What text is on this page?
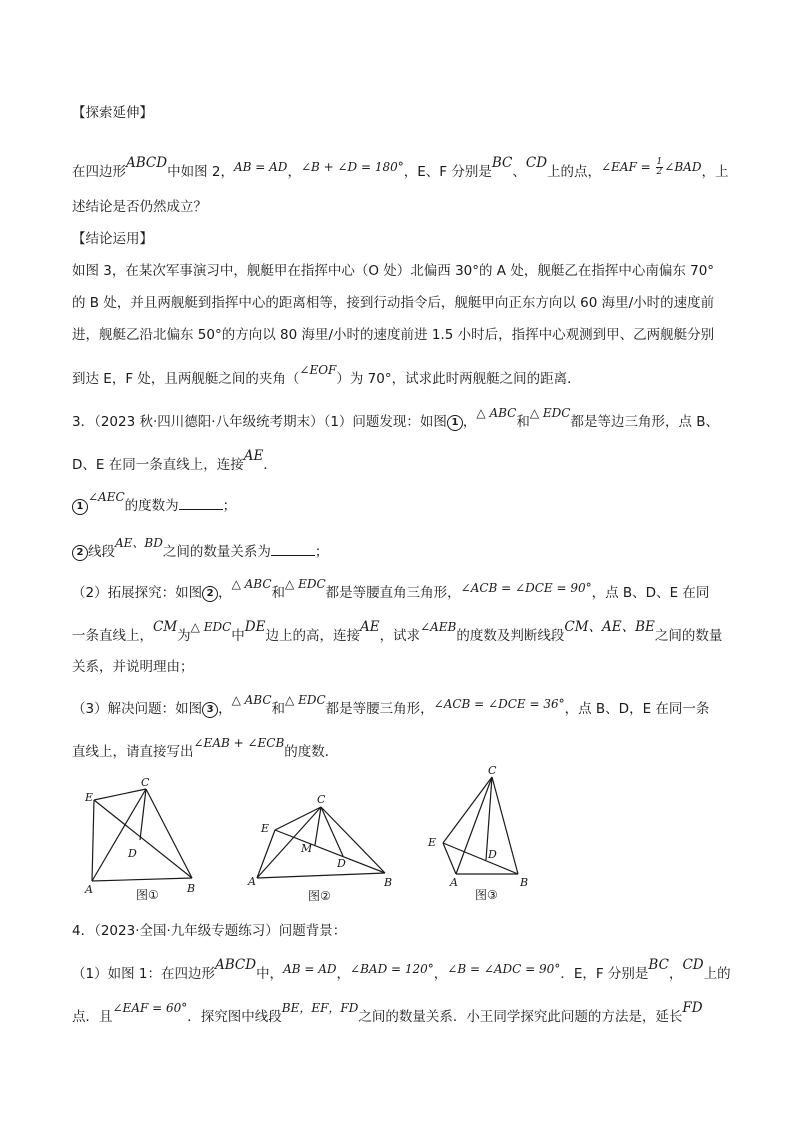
【探索延伸】
在四边形ABCD中如图 2，AB = AD，∠B + ∠D = 180°，E、F 分别是BC、CD上的点，∠EAF = $\frac{1}{2}$ ∠BAD，上
述结论是否仍然成立？
【结论运用】
如图 3，在某次军事演习中，舰艇甲在指挥中心（O 处）北偏西 30°的 A 处，舰艇乙在指挥中心南偏东 70°
的 B 处，并且两舰艇到指挥中心的距离相等，接到行动指令后，舰艇甲向正东方向以 60 海里/小时的速度前
进，舰艇乙沿北偏东 50°的方向以 80 海里/小时的速度前进 1.5 小时后，指挥中心观测到甲、乙两舰艇分别
到达 E，F 处，且两舰艇之间的夹角（∠EOF）为 70°，试求此时两舰艇之间的距离．
3．（2023 秋·四川德阳·八年级统考期末）（1）问题发现：如图 1 ，△ ABC和△ EDC都是等边三角形，点 B、
D、E 在同一条直线上，连接AE．
1∠AEC的度数为	；
2 线段AE、BD之间的数量关系为	；
（2）拓展探究：如图 2 ，△ ABC和△ EDC都是等腰直角三角形，∠ACB = ∠DCE = 90°，点 B、D、E 在同
一条直线上，CM为△ EDC中DE边上的高，连接AE，试求∠AEB的度数及判断线段CM、AE、BE之间的数量
关系，并说明理由；
（3）解决问题：如图 3 ，△ ABC和△ EDC都是等腰三角形，∠ACB = ∠DCE = 36°，点 B、D，E 在同一条
直线上，请直接写出∠EAB + ∠ECB的度数．
E
C
D
A	B
图①
E
C
M
D
A	B
图②
C
E
D
A	B
图③
4．（2023·全国·九年级专题练习）问题背景：
（1）如图 1：在四边形ABCD中，AB = AD，∠BAD = 120°，∠B = ∠ADC = 90°．E，F 分别是BC，CD上的
点．且∠EAF = 60°．探究图中线段BE，EF，FD之间的数量关系．小王同学探究此问题的方法是，延长FD
